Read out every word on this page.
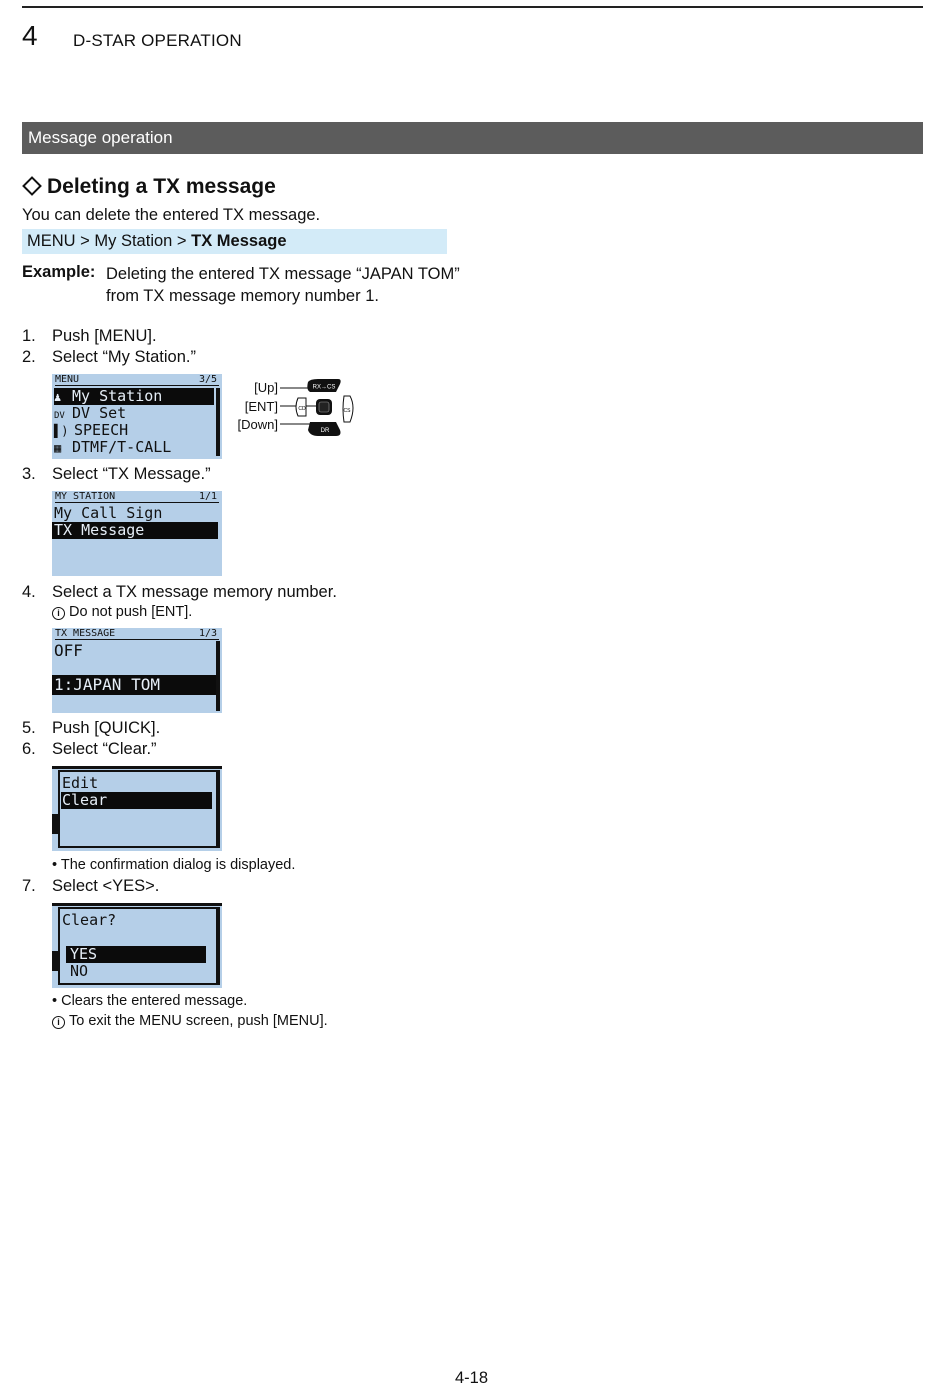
4 D-STAR OPERATION
Message operation
Deleting a TX message
You can delete the entered TX message.
MENU > My Station > TX Message
Example: Deleting the entered TX message “JAPAN TOM” from TX message memory number 1.
1. Push [MENU].
2. Select “My Station.”
MENU	3/5
♟ My Station
DV DV Set
▌) SPEECH
▦ DTMF/T-CALL
[Up]
[ENT]
[Down]
RX→CS
CD	CS
DR
3. Select “TX Message.”
MY STATION	1/1
My Call Sign
TX Message
4. Select a TX message memory number.
i Do not push [ENT].
TX MESSAGE	1/3
OFF
1:JAPAN TOM
5. Push [QUICK].
6. Select “Clear.”
Edit
Clear
• The confirmation dialog is displayed.
7. Select <YES>.
Clear?
YES
NO
• Clears the entered message.
i To exit the MENU screen, push [MENU].
4-18
